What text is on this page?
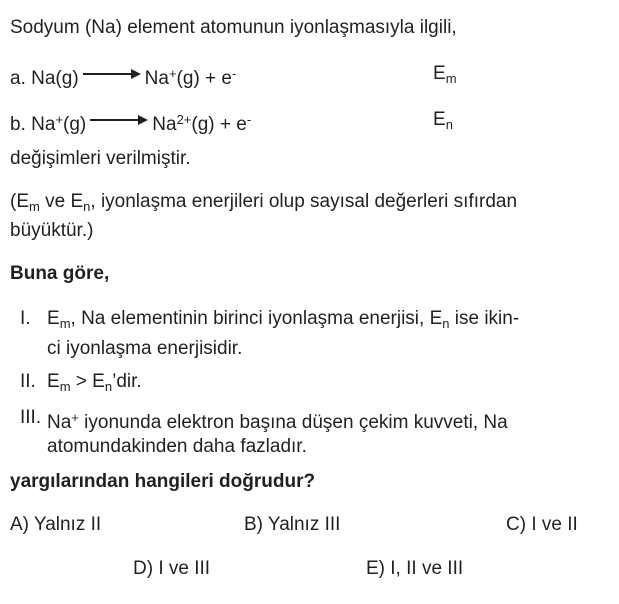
Sodyum (Na) element atomunun iyonlaşmasıyla ilgili,
a. Na(g)	Na+(g) + e-	$E_m$
b. Na+(g)	$Na^{2+}(g) + e^-$	$E_n$
değişimleri verilmiştir.
($E_m$ ve $E_n$, iyonlaşma enerjileri olup sayısal değerleri sıfırdan
büyüktür.)
Buna göre,
I. $E_m$, Na elementinin birinci iyonlaşma enerjisi, $E_n$ ise ikin-
ci iyonlaşma enerjisidir.
II. $E_m$ > $E_n’dir$.
III. Na+ iyonunda elektron başına düşen çekim kuvveti, Na
atomundakinden daha fazladır.
yargılarından hangileri doğrudur?
A) Yalnız II	B) Yalnız III	C) I ve II
D) I ve III	E) I, II ve III
